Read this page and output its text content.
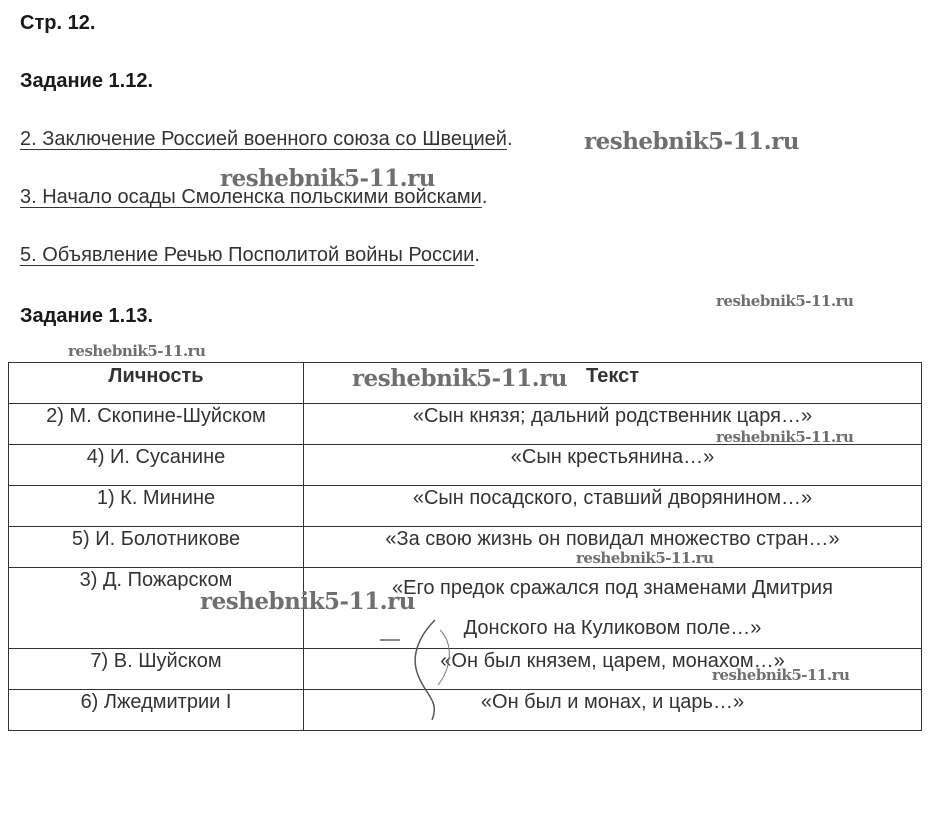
Стр. 12.
Задание 1.12.
2. Заключение Россией военного союза со Швецией.
3. Начало осады Смоленска польскими войсками.
5. Объявление Речью Посполитой войны России.
Задание 1.13.
Личность	Текст
2) М. Скопине-Шуйском	«Сын князя; дальний родственник царя…»
4) И. Сусанине	«Сын крестьянина…»
1) К. Минине	«Сын посадского, ставший дворянином…»
5) И. Болотникове	«За свою жизнь он повидал множество стран…»
3) Д. Пожарском	«Его предок сражался под знаменами Дмитрия
Донского на Куликовом поле…»
7) В. Шуйском	«Он был князем, царем, монахом…»
6) Лжедмитрии I	«Он был и монах, и царь…»
reshebnik5-11.ru
reshebnik5-11.ru
reshebnik5-11.ru
reshebnik5-11.ru
reshebnik5-11.ru
reshebnik5-11.ru
reshebnik5-11.ru
reshebnik5-11.ru
reshebnik5-11.ru
